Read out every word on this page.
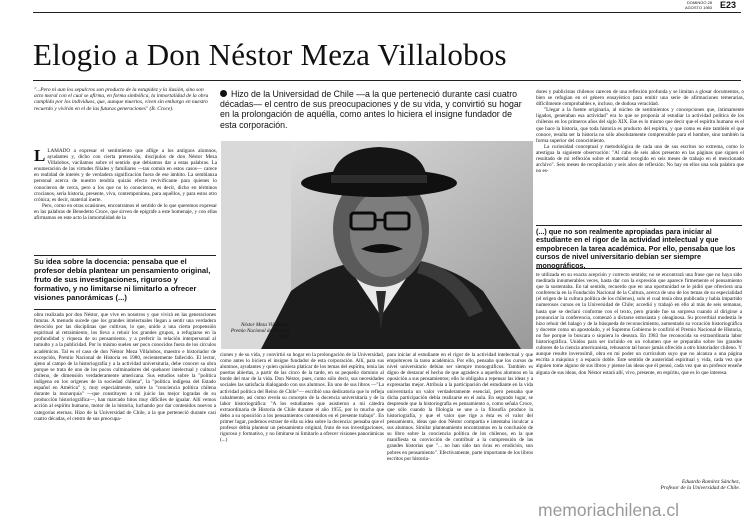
DOMINGO 28
AGOSTO 1983 E23
Elogio a Don Néstor Meza Villalobos

"...Pero ni aun los sepulcros son producto de la estupidez y la ilusión, sino son acto moral con el cual se afirma, en forma simbólica, la inmortalidad de la obra cumplida por los individuos, que, aunque muertos, viven sin embargo en nuestro recuerdo y vivirán en el de las futuras generaciones" (B. Croce).

L LAMADO a expresar el sentimiento que aflige a los antiguos alumnos, ayudantes y, dicho con cierta pretensión, discípulos de don Néstor Meza Villalobos, vacilamos sobre el sentido que debiamos dar a estas palabras. La enumeración de las virtudes filiales y familiares —tan común en estos casos— carece en realidad de interés y de verdadera significación fuera de ese ámbito. La semblanza personal acerca de nuestro tendría quizás efecto revivificante para quienes lo conocieron de cerca, pero a los que no lo conocieron, es decir, dicho en términos crocianos, sería historia, presente, viva, contemporánea, para aquéllos, y para estos otro crónica; es decir, material inerte.

Pero, como en otras ocasiones, encontramos el sentido de lo que queremos expresar en las palabras de Benedetto Croce, que sirven de epígrafe a este homenaje, y con ellas afirmamos en este acto la inmortalidad de la

Su idea sobre la docencia: pensaba que el profesor debía plantear un pensamiento original, fruto de sus investigaciones, riguroso y formativo, y no limitarse ni limitarlo a ofrecer visiones panorámicas (...)
Hizo de la Universidad de Chile —a la que perteneció durante casi cuatro décadas— el centro de sus preocupaciones y de su vida, y convirtió su hogar en la prolongación de aquélla, como antes lo hiciera el insigne fundador de esta corporación.
Néstor Meza Villalobos, Premio Nacional de Historia 1980.

dores y publicistas chilenos carecen de una reflexión profunda y se limitan a glosar documentos, o bien se refugian en el género ensayístico para emitir una serie de afirmaciones temerarias, difícilmente comprobables e, incluso, de dudosa veracidad.

"Llegar a la fuente originaria, al núcleo de sentimientos y concepciones que, íntimamente ligados, generaban esa actividad" era lo que se proponía al estudiar la actividad política de los chilenos en los primeros años del siglo XIX. Ese es lo mismo que decir que el espíritu humano es el que hace la historia, que toda historia es producto del espíritu, y que como es éste también el que conoce, resulta ser la historia no sólo absolutamente comprensible para el hombre, sino también la forma superior del conocimiento.

La curiosidad conceptual y metodológica de cada uno de sus escritos no extrema, como lo atestigua la siguiente observación: "Al cabo de seis años presento en las páginas que siguen el resultado de mi reflexión sobre el material recogido en seis meses de trabajo en el mencionado archivo". Seis meses de recopilación y seis años de reflexión: No hay en ellos una sola palabra que no es-

(...) que no son realmente apropiadas para iniciar al estudiante en el rigor de la actividad intelectual y que empobrecen la tarea académica. Por ello, pensaba que los cursos de nivel universitario debían ser siempre monográficos.
obra realizada por don Néstor, que vive en nosotros y que vivirá en las generaciones futuras. A menudo sucede que los grandes intelectuales llegan a sentir una verdadera devoción por las disciplinas que cultivan, lo que, unido a una cierta propensión espiritual al retraimiento, los lleva a rehuir los grandes grupos, a refugiarse en la profundidad y riqueza de su pensamiento, y a preferir la relación interpersonal al tumulto y a la publicidad. Por lo mismo suelen ser poco conocidos fuera de los círculos académicos. Tal es el caso de don Néstor Meza Villalobos, maestro e historiador de excepción, Premio Nacional de Historia en 1980, recientemente fallecido. El lector, ajeno al campo de la historiografía y a la actividad universitaria, debe conocer su obra porque se trata de uno de los pocos culminadores del quehacer intelectual y cultural chileno, de dimensión verdaderamente americana. Sus estudios sobre la "política indígena en los orígenes de la sociedad chilena", la "política indígena del Estado español en América" y, muy especialmente, sobre la "conciencia política chilena durante la monarquía" —que constituyen a mi juicio las mejor logradas de su producción historiográfica—, han marcado hitos muy difíciles de igualar. Allí vemos acción al espíritu humano, motor de la historia, luchando por dar contenidos nuevos a categorías eternas. Hizo de la Universidad de Chile, a la que perteneció durante casi cuatro décadas, el centro de sus preocupa-
ciones y de su vida, y convirtió su hogar en la prolongación de la Universidad, como antes lo hiciera el insigne fundador de esta corporación. Allí, para sus alumnos, ayudantes y quien quisiera platicar de los temas del espíritu, tenía las puertas abiertas, a partir de las cinco de la tarde, en su pequeño dominio al borde del mar de la vida. Don Néstor, pues, como sólo decir, sus necesidades sociales las satisfacía dialogando con sus alumnos. En uno de sus libros —"La actividad política del Reino de Chile"— escribió una dedicatoria que lo refleja cabalmente, así como revela su concepto de la docencia universitaria y de la labor historiográfica: "A los estudiantes que asistieron a mi cátedra extraordinaria de Historia de Chile durante el año 1955, por lo mucho que debo a su oposición a los pensamientos contenidos en el presente trabajo". En primer lugar, podemos extraer de ella su idea sobre la docencia: pensaba que el profesor debía plantear un pensamiento original, fruto de sus investigaciones, riguroso y formativo, y no limitarse ni limitarlo a ofrecer visiones panorámicas (...)
para iniciar al estudiante en el rigor de la actividad intelectual y que empobrecen la tarea académica. Por ello, pensaba que los cursos de nivel universitario debían ser siempre monográficos. También es digno de destacar el hecho de que agradece a aquellos alumnos en la oposición a sus pensamientos; ello lo obligaba a repensar las ideas y a expresarlas mejor. Atribuía a la participación del estudiante en la vida universitaria un valor verdaderamente esencial, pero pensaba que dicha participación debía realizarse en el aula. En segundo lugar, se desprende que la historiografía es pensamiento o, como señala Croce, que sólo cuando la filología se une a la filosofía produce la historiografía, y que el valor que rige a ésta es el valor del pensamiento, ideas que don Néstor compartía e intentaba inculcar a sus alumnos. Similar planteamiento encontramos en la conclusión de su libro sobre la conciencia política de los chilenos, en la que manifiesta su convicción de contribuir a la comprensión de las grandes historias que "... no han sido tan ricas en erudición, son pobres en pensamiento". Efectivamente, parte importante de los libros escritos por historia-
te utilizada en su exacta acepción y correcto sentido; no se encontrará una frase que no haya sido meditada innumerables veces, hasta dar con la expresión que aparece firmemente el pensamiento que la sustentaba. En tal sentido, recuerdo que en una oportunidad se le pidió que ofreciera una conferencia en la Fundación Nacional de la Cultura, acerca de uno de los temas de su especialidad (el origen de la cultura política de los chilenos), solo el cual tenía obra publicada y había impartido numerosos cursos en la Universidad de Chile; accedió y trabajó en ello al más de seis semanas, hasta que se declaró conforme con el texto, pero grande fue su sorpresa cuando al dirigirse a pronunciar la conferencia, comenzó a dictarse entusiasta y oleaginosa. Su proverbial modestia le hizo rehuir del halago y de la búsqueda de reconocimiento, aumentado su vocación historiográfica y docente como un apostolado, y el Supremo Gobierno le confirió el Premio Nacional de Historia, no fue porque lo buscara o siquiera lo deseara. En 1983 fue reconocida su extraordinaria labor historiográfica. Unidos para ser incluido en un volumen que se preparaba sobre los grandes cultores de la ciencia americanista, rehusaron tal honor jamás ofrecido a otro historiador chileno. Y aunque resulte inverosímil, obra en mi poder un currículum suyo que no alcanza a una página escrita a máquina y a espacio doble. Este sentido de austeridad espiritual y vida, cada vez que alguien tome alguno de sus libros y piense las ideas que él pensó, cada vez que un profesor enseñe alguna de sus ideas, don Néstor estará allí, vivo, presente, en espíritu, que es lo que interesa.
Eduardo Ramírez Sánchez,
Profesor de la Universidad de Chile.
memoriachilena.cl
